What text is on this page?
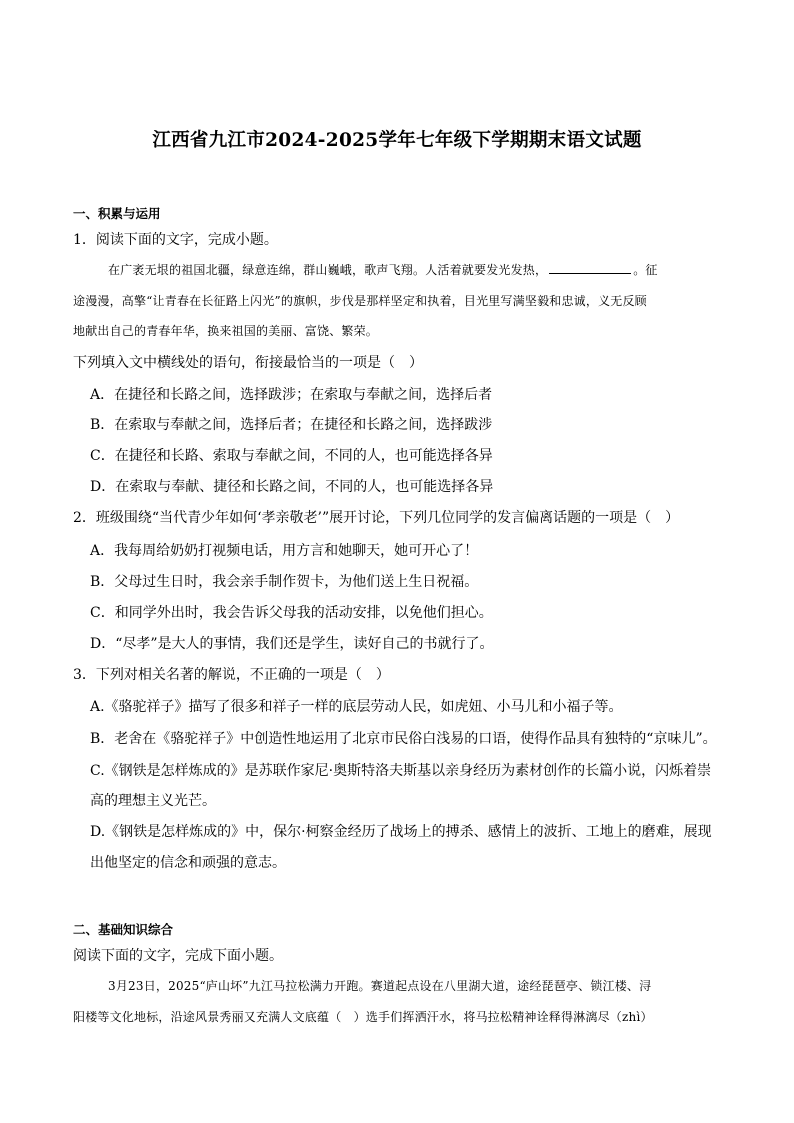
江西省九江市2024-2025学年七年级下学期期末语文试题
一、积累与运用
1．阅读下面的文字，完成小题。
在广袤无垠的祖国北疆，绿意连绵，群山巍峨，歌声飞翔。人活着就要发光发热，	。征
途漫漫，高擎“让青春在长征路上闪光”的旗帜，步伐是那样坚定和执着，目光里写满坚毅和忠诚，义无反顾
地献出自己的青春年华，换来祖国的美丽、富饶、繁荣。
下列填入文中横线处的语句，衔接最恰当的一项是（　）
A．在捷径和长路之间，选择跋涉；在索取与奉献之间，选择后者
B．在索取与奉献之间，选择后者；在捷径和长路之间，选择跋涉
C．在捷径和长路、索取与奉献之间，不同的人，也可能选择各异
D．在索取与奉献、捷径和长路之间，不同的人，也可能选择各异
2．班级围绕“当代青少年如何‘孝亲敬老’”展开讨论，下列几位同学的发言偏离话题的一项是（　）
A．我每周给奶奶打视频电话，用方言和她聊天，她可开心了！
B．父母过生日时，我会亲手制作贺卡，为他们送上生日祝福。
C．和同学外出时，我会告诉父母我的活动安排，以免他们担心。
D．“尽孝”是大人的事情，我们还是学生，读好自己的书就行了。
3．下列对相关名著的解说，不正确的一项是（　）
A.《骆驼祥子》描写了很多和祥子一样的底层劳动人民，如虎妞、小马儿和小福子等。
B．老舍在《骆驼祥子》中创造性地运用了北京市民俗白浅易的口语，使得作品具有独特的“京味儿”。
C.《钢铁是怎样炼成的》是苏联作家尼·奥斯特洛夫斯基以亲身经历为素材创作的长篇小说，闪烁着崇
高的理想主义光芒。
D.《钢铁是怎样炼成的》中，保尔·柯察金经历了战场上的搏杀、感情上的波折、工地上的磨难，展现
出他坚定的信念和顽强的意志。
二、基础知识综合
阅读下面的文字，完成下面小题。
3月23日，2025“庐山坏”九江马拉松满力开跑。赛道起点设在八里湖大道，途经琵琶亭、锁江楼、浔
阳楼等文化地标，沿途风景秀丽又充满人文底蕴（　）选手们挥洒汗水，将马拉松精神诠释得淋漓尽（zhì）
